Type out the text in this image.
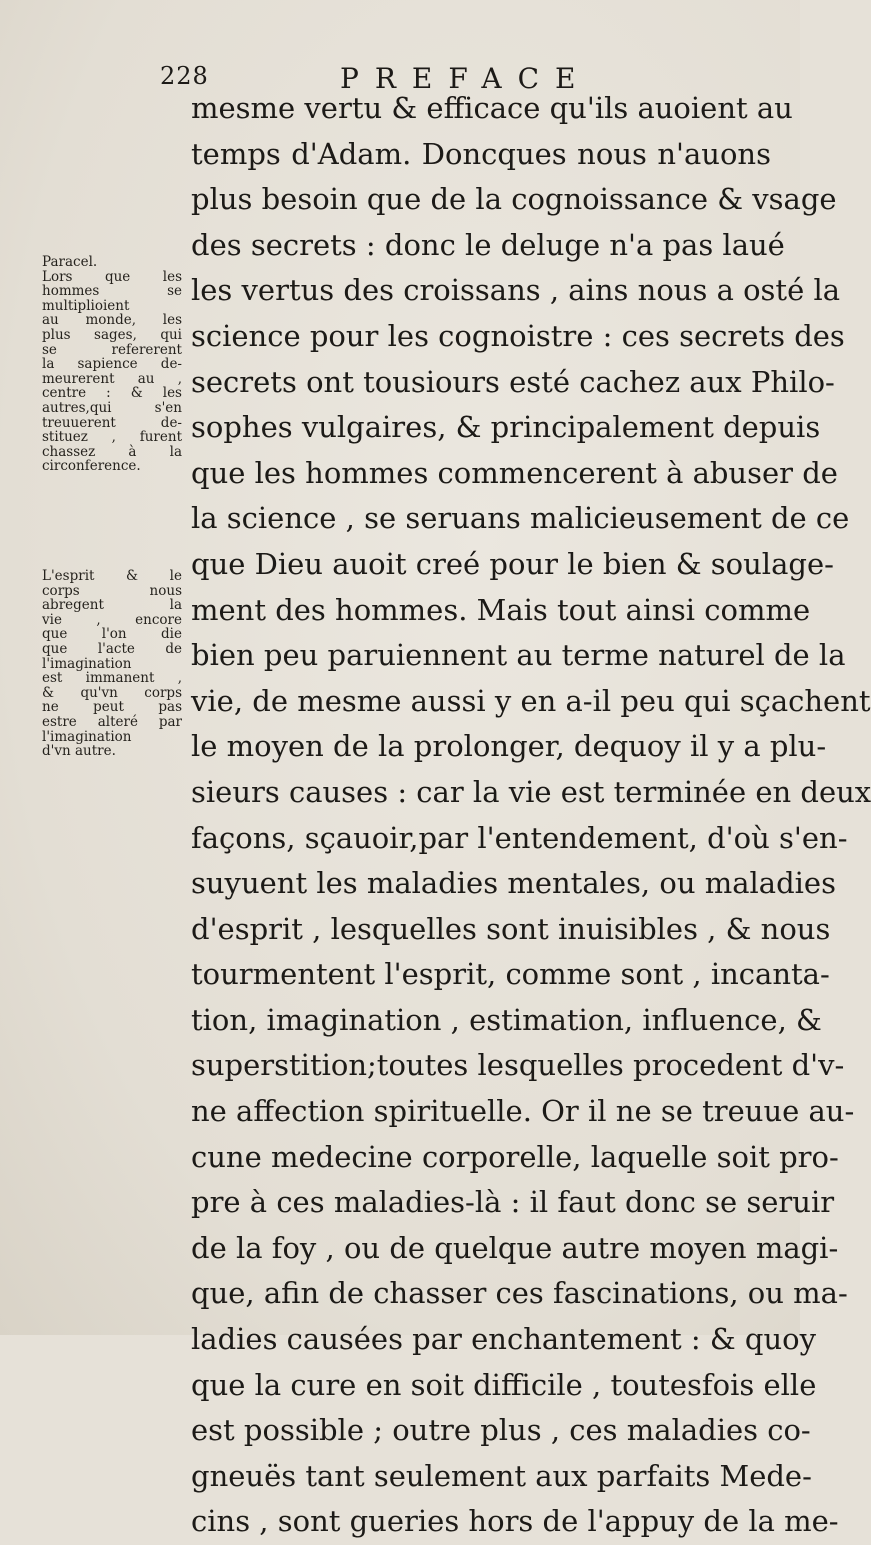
228	PREFACE
Paracel.
Lors que les
hommes se
multiplioient
au monde, les
plus sages, qui
se refererent
la sapience de-
meurerent au ,
centre : & les
autres,qui s'en
treuuerent de-
stituez , furent
chassez à la
circonference.
L'esprit & le
corps nous
abregent la
vie , encore
que l'on die
que l'acte de
l'imagination
est immanent ,
& qu'vn corps
ne peut pas
estre alteré par
l'imagination
d'vn autre.
mesme vertu & efficace qu'ils auoient au
temps d'Adam. Doncques nous n'auons
plus besoin que de la cognoissance & vsage
des secrets : donc le deluge n'a pas laué
les vertus des croissans , ains nous a osté la
science pour les cognoistre : ces secrets des
secrets ont tousiours esté cachez aux Philo-
sophes vulgaires, & principalement depuis
que les hommes commencerent à abuser de
la science , se seruans malicieusement de ce
que Dieu auoit creé pour le bien & soulage-
ment des hommes. Mais tout ainsi comme
bien peu paruiennent au terme naturel de la
vie, de mesme aussi y en a-il peu qui sçachent
le moyen de la prolonger, dequoy il y a plu-
sieurs causes : car la vie est terminée en deux
façons, sçauoir,par l'entendement, d'où s'en-
suyuent les maladies mentales, ou maladies
d'esprit , lesquelles sont inuisibles , & nous
tourmentent l'esprit, comme sont , incanta-
tion, imagination , estimation, influence, &
superstition;toutes lesquelles procedent d'v-
ne affection spirituelle. Or il ne se treuue au-
cune medecine corporelle, laquelle soit pro-
pre à ces maladies-là : il faut donc se seruir
de la foy , ou de quelque autre moyen magi-
que, afin de chasser ces fascinations, ou ma-
ladies causées par enchantement : & quoy
que la cure en soit difficile , toutesfois elle
est possible ; outre plus , ces maladies co-
gneuës tant seulement aux parfaits Mede-
cins , sont gueries hors de l'appuy de la me-
